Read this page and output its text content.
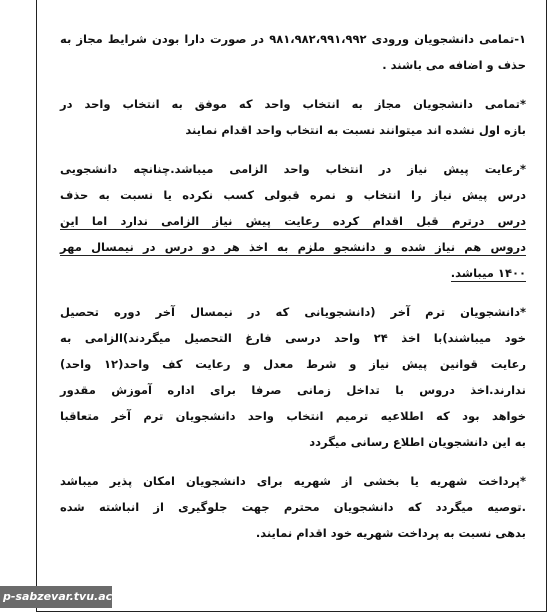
۱-تمامی دانشجویان ورودی ۹۸۱،۹۸۲،۹۹۱،۹۹۲ در صورت دارا بودن شرایط مجاز به

حذف و اضافه می باشند .

*تمامی دانشجویان مجاز به انتخاب واحد که موفق به انتخاب واحد در

بازه اول نشده اند میتوانند نسبت به انتخاب واحد اقدام نمایند

*رعایت پیش نیاز در انتخاب واحد الزامی میباشد.چنانچه دانشجویی

درس پیش نیاز را انتخاب و نمره قبولی کسب نکرده یا نسبت به حذف

درس درترم قبل اقدام کرده رعایت پیش نیاز الزامی ندارد اما این

دروس هم نیاز شده و دانشجو ملزم به اخذ هر دو درس در نیمسال مهر

۱۴۰۰ میباشد.

*دانشجویان ترم آخر (دانشجویانی که در نیمسال آخر دوره تحصیل

خود میباشند)با اخذ ۲۴ واحد درسی فارغ التحصیل میگردند)الزامی به

رعایت قوانین پیش نیاز و شرط معدل و رعایت کف واحد(۱۲ واحد)

ندارند.اخذ دروس با تداخل زمانی صرفا برای اداره آموزش مقدور

خواهد بود که اطلاعیه ترمیم انتخاب واحد دانشجویان ترم آخر متعاقبا

به این دانشجویان اطلاع رسانی میگردد

*پرداخت شهریه یا بخشی از شهریه برای دانشجویان امکان پذیر میباشد

.توصیه میگردد که دانشجویان محترم جهت جلوگیری از انباشته شده

بدهی نسبت به پرداخت شهریه خود اقدام نمایند.

p-sabzevar.tvu.ac.ir
